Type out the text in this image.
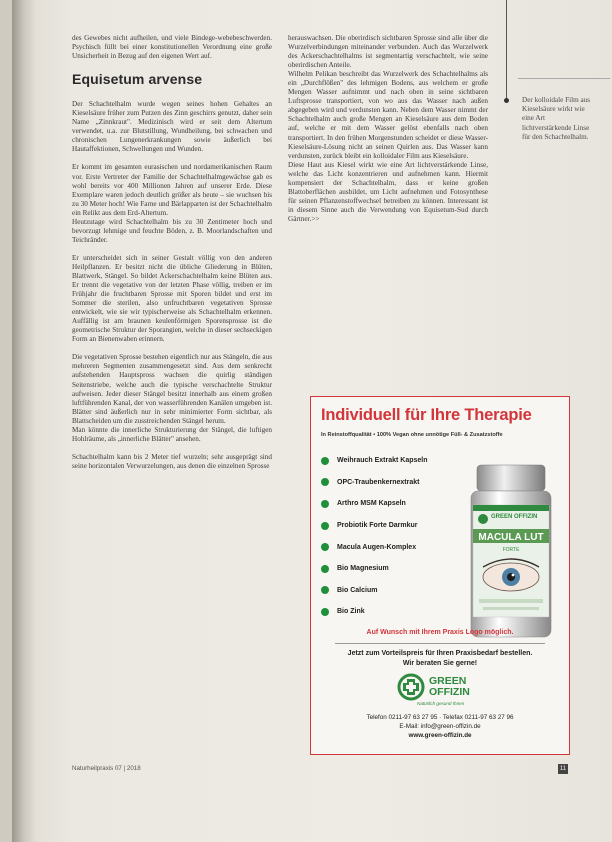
des Gewebes nicht aufheilen, und viele Bindege-webebeschwerden. Psychisch füllt bei einer konstitutionellen Verordnung eine große Unsicherheit in Bezug auf den eigenen Wert auf.

Equisetum arvense

Der Schachtelhalm wurde wegen seines hohen Gehaltes an Kieselsäure früher zum Putzen des Zinn geschirrs genutzt, daher sein Name „Zinnkraut". Medizinisch wird er seit dem Altertum verwendet, u.a. zur Blutstillung, Wundheilung, bei schwachen und chronischen Lungenerkrankungen sowie äußerlich bei Hautaffektionen, Schwellungen und Wunden.

Er kommt im gesamten eurasischen und nordamerikanischen Raum vor. Erste Vertreter der Familie der Schachtelhalmgewächse gab es wohl bereits vor 400 Millionen Jahren auf unserer Erde. Diese Exemplare waren jedoch deutlich größer als heute – sie wuchsen bis zu 30 Meter hoch! Wie Farne und Bärlapparten ist der Schachtelhalm ein Relikt aus dem Erd-Altertum.

Heutzutage wird Schachtelhalm bis zu 30 Zentimeter hoch und bevorzugt lehmige und feuchte Böden, z. B. Moorlandschaften und Teichränder.

Er unterscheidet sich in seiner Gestalt völlig von den anderen Heilpflanzen. Er besitzt nicht die übliche Gliederung in Blüten, Blattwerk, Stängel. So bildet Ackerschachtelhalm keine Blüten aus. Er trennt die vegetative von der letzten Phase völlig, treiben er im Frühjahr die fruchtbaren Sprosse mit Sporen bildet und erst im Sommer die sterilen, also unfruchtbaren vegetativen Sprosse entwickelt, wie sie wir typischerweise als Schachtelhalm erkennen. Auffällig ist am braunen keulenförmigen Sporensprosse ist die geometrische Struktur der Sporangien, welche in dieser sechseckigen Form an Bienenwaben erinnern.

Die vegetativen Sprosse bestehen eigentlich nur aus Stängeln, die aus mehreren Segmenten zusammengesetzt sind. Aus dem senkrecht aufstehenden Hauptspross wachsen die quirlig ständigen Seitenstriebe, welche auch die typische verschachtelte Struktur aufweisen. Jeder dieser Stängel besitzt innerhalb aus einem großen luftführenden Kanal, der von wasserführenden Kanälen umgeben ist. Blätter sind äußerlich nur in sehr minimierter Form sichtbar, als Blattscheiden um die zusstreichenden Stängel herum.

Man könnte die innerliche Strukturierung der Stängel, die luftigen Hohlräume, als „innerliche Blätter" ansehen.

Schachtelhalm kann bis 2 Meter tief wurzeln; sehr ausgeprägt sind seine horizontalen Verwurzelungen, aus denen die einzelnen Sprosse

herauswachsen. Die oberirdisch sichtbaren Sprosse sind alle über die Wurzelverbindungen miteinander verbunden. Auch das Wurzelwerk des Ackerschachtelhalms ist segmentartig verschachtelt, wie seine oberirdischen Anteile.

Wilhelm Pelikan beschreibt das Wurzelwerk des Schachtelhalms als ein „Durchflößen" des lehmigen Bodens, aus welchem er große Mengen Wasser aufnimmt und nach oben in seine sichtbaren Luftsprosse transportiert, von wo aus das Wasser nach außen abgegeben wird und verdunsten kann. Neben dem Wasser nimmt der Schachtelhalm auch große Mengen an Kieselsäure aus dem Boden auf, welche er mit dem Wasser gelöst ebenfalls nach oben transportiert. In den frühen Morgenstunden scheidet er diese Wasser-Kieselsäure-Lösung nicht an seinen Quirlen aus. Das Wasser kann verdunsten, zurück bleibt ein kolloidaler Film aus Kieselsäure.

Diese Haut aus Kiesel wirkt wie eine Art lichtverstärkende Linse, welche das Licht konzentrieren und aufnehmen kann. Hiermit kompensiert der Schachtelhalm, dass er keine großen Blattoberflächen ausbildet, um Licht aufnehmen und Fotosynthese für seinen Pflanzenstoffwechsel betreiben zu können. Interessant ist in diesem Sinne auch die Verwendung von Equisetum-Sud durch Gärtner.>>

Der kolloidale Film aus Kieselsäure wirkt wie eine Art lichtverstärkende Linse für den Schachtelhalm.
Individuell für Ihre Therapie
In Reinstoffqualität • 100% Vegan ohne unnötige Füll- & Zusatzstoffe
Weihrauch Extrakt Kapseln
OPC-Traubenkernextrakt
Arthro MSM Kapseln
Probiotik Forte Darmkur
Macula Augen-Komplex
Bio Magnesium
Bio Calcium
Bio Zink
GREEN OFFIZIN
MACULA LUT
FORTE
Auf Wunsch mit Ihrem Praxis Logo möglich.
Jetzt zum Vorteilspreis für Ihren Praxisbedarf bestellen.
Wir beraten Sie gerne!
GREEN
OFFIZIN
Natürlich gesund Ihnen
Telefon 0211-97 63 27 95 · Telefax 0211-97 63 27 96
E-Mail: info@green-offizin.de
www.green-offizin.de
Naturheilpraxis 07 | 2018	11
